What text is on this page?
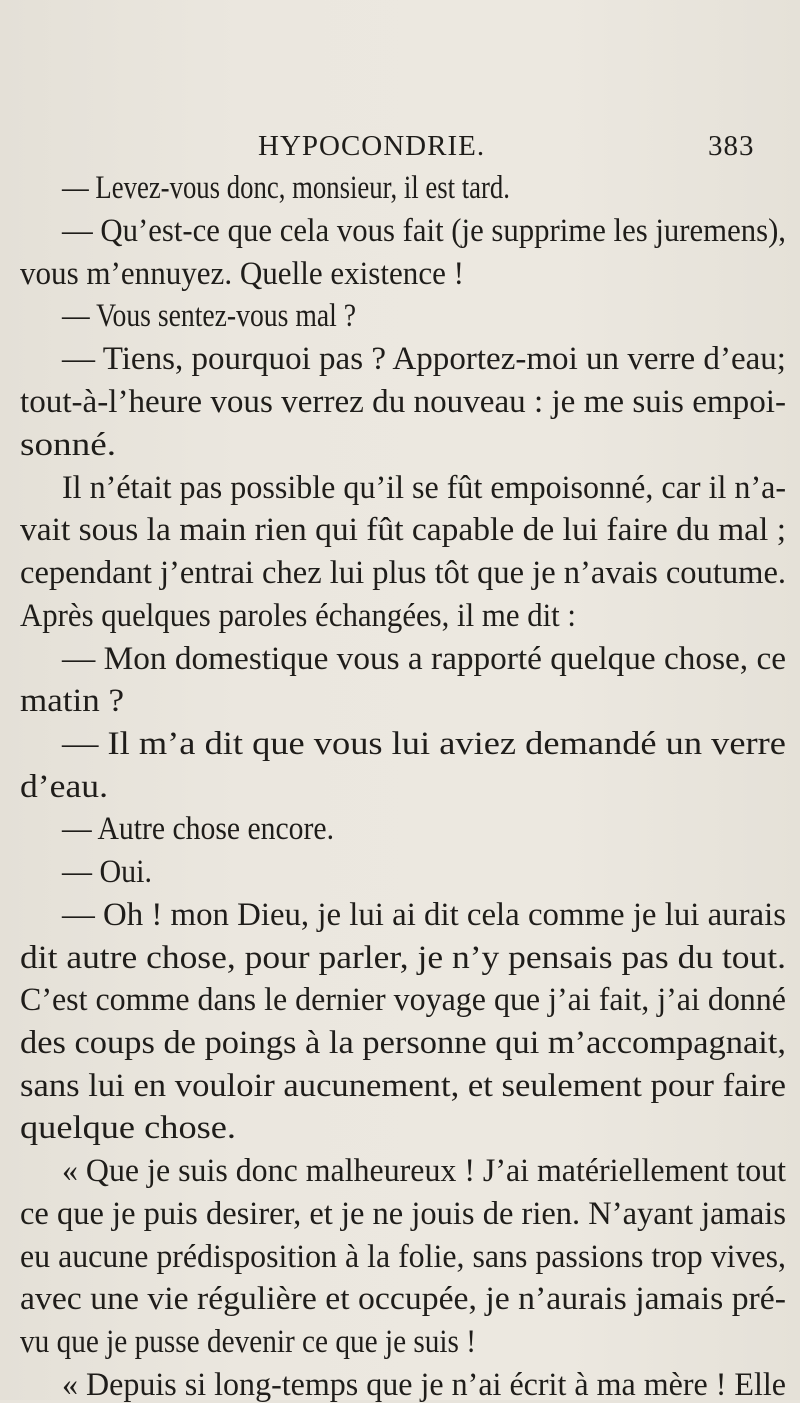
HYPOCONDRIE.	383
— Levez-vous donc, monsieur, il est tard.
— Qu’est-ce que cela vous fait (je supprime les juremens),
vous m’ennuyez. Quelle existence !
— Vous sentez-vous mal ?
— Tiens, pourquoi pas ? Apportez-moi un verre d’eau;
tout-à-l’heure vous verrez du nouveau : je me suis empoi-
sonné.
Il n’était pas possible qu’il se fût empoisonné, car il n’a-
vait sous la main rien qui fût capable de lui faire du mal ;
cependant j’entrai chez lui plus tôt que je n’avais coutume.
Après quelques paroles échangées, il me dit :
— Mon domestique vous a rapporté quelque chose, ce
matin ?
— Il m’a dit que vous lui aviez demandé un verre
d’eau.
— Autre chose encore.
— Oui.
— Oh ! mon Dieu, je lui ai dit cela comme je lui aurais
dit autre chose, pour parler, je n’y pensais pas du tout.
C’est comme dans le dernier voyage que j’ai fait, j’ai donné
des coups de poings à la personne qui m’accompagnait,
sans lui en vouloir aucunement, et seulement pour faire
quelque chose.
« Que je suis donc malheureux ! J’ai matériellement tout
ce que je puis desirer, et je ne jouis de rien. N’ayant jamais
eu aucune prédisposition à la folie, sans passions trop vives,
avec une vie régulière et occupée, je n’aurais jamais pré-
vu que je pusse devenir ce que je suis !
« Depuis si long-temps que je n’ai écrit à ma mère ! Elle
